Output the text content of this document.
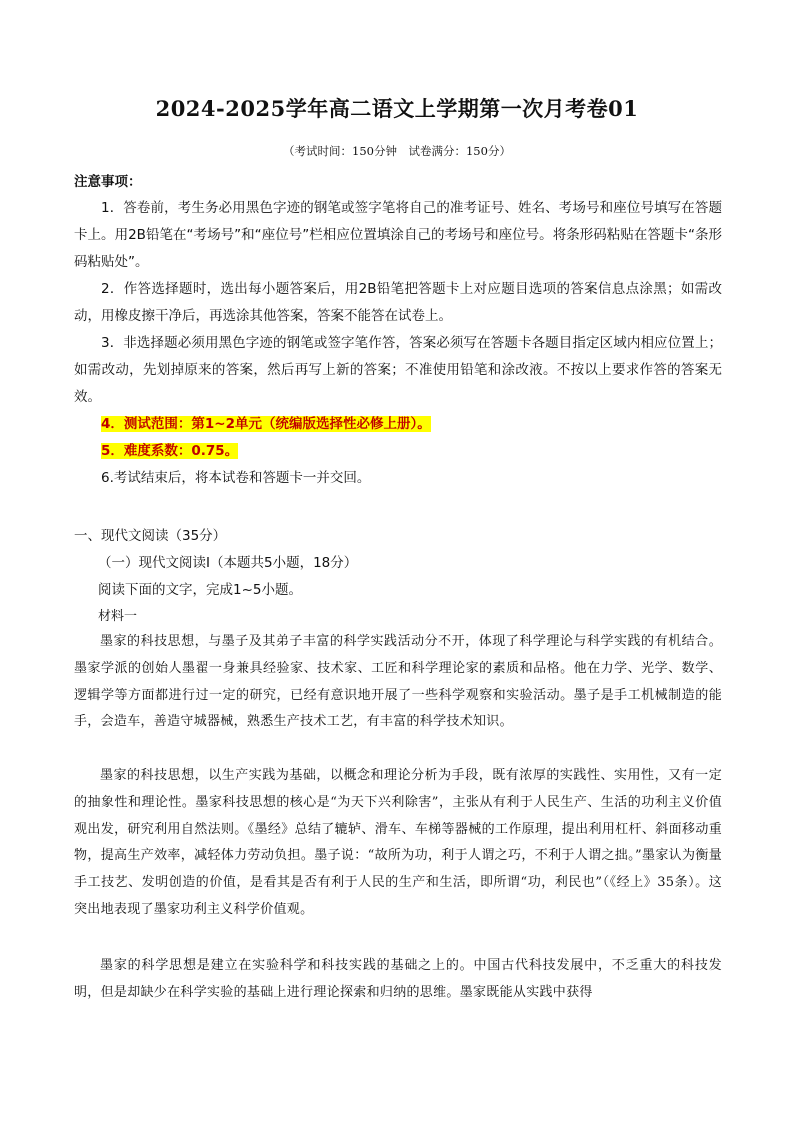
2024-2025学年高二语文上学期第一次月考卷01
（考试时间：150分钟　试卷满分：150分）
注意事项：

1．答卷前，考生务必用黑色字迹的钢笔或签字笔将自己的准考证号、姓名、考场号和座位号填写在答题卡上。用2B铅笔在“考场号”和“座位号”栏相应位置填涂自己的考场号和座位号。将条形码粘贴在答题卡“条形码粘贴处”。

2．作答选择题时，选出每小题答案后，用2B铅笔把答题卡上对应题目选项的答案信息点涂黑；如需改动，用橡皮擦干净后，再选涂其他答案，答案不能答在试卷上。

3．非选择题必须用黑色字迹的钢笔或签字笔作答，答案必须写在答题卡各题目指定区域内相应位置上；如需改动，先划掉原来的答案，然后再写上新的答案；不准使用铅笔和涂改液。不按以上要求作答的答案无效。

4．测试范围：第1~2单元（统编版选择性必修上册）。

5．难度系数：0.75。

6.考试结束后，将本试卷和答题卡一并交回。

一、现代文阅读（35分）
（一）现代文阅读Ⅰ（本题共5小题，18分）
阅读下面的文字，完成1~5小题。
材料一

墨家的科技思想，与墨子及其弟子丰富的科学实践活动分不开，体现了科学理论与科学实践的有机结合。墨家学派的创始人墨翟一身兼具经验家、技术家、工匠和科学理论家的素质和品格。他在力学、光学、数学、逻辑学等方面都进行过一定的研究，已经有意识地开展了一些科学观察和实验活动。墨子是手工机械制造的能手，会造车，善造守城器械，熟悉生产技术工艺，有丰富的科学技术知识。

墨家的科技思想，以生产实践为基础，以概念和理论分析为手段，既有浓厚的实践性、实用性，又有一定的抽象性和理论性。墨家科技思想的核心是“为天下兴利除害”，主张从有利于人民生产、生活的功利主义价值观出发，研究利用自然法则。《墨经》总结了辘轳、滑车、车梯等器械的工作原理，提出利用杠杆、斜面移动重物，提高生产效率，减轻体力劳动负担。墨子说：“故所为功，利于人谓之巧，不利于人谓之拙。”墨家认为衡量手工技艺、发明创造的价值，是看其是否有利于人民的生产和生活，即所谓“功，利民也”（《经上》35条）。这突出地表现了墨家功利主义科学价值观。

墨家的科学思想是建立在实验科学和科技实践的基础之上的。中国古代科技发展中，不乏重大的科技发明，但是却缺少在科学实验的基础上进行理论探索和归纳的思维。墨家既能从实践中获得
